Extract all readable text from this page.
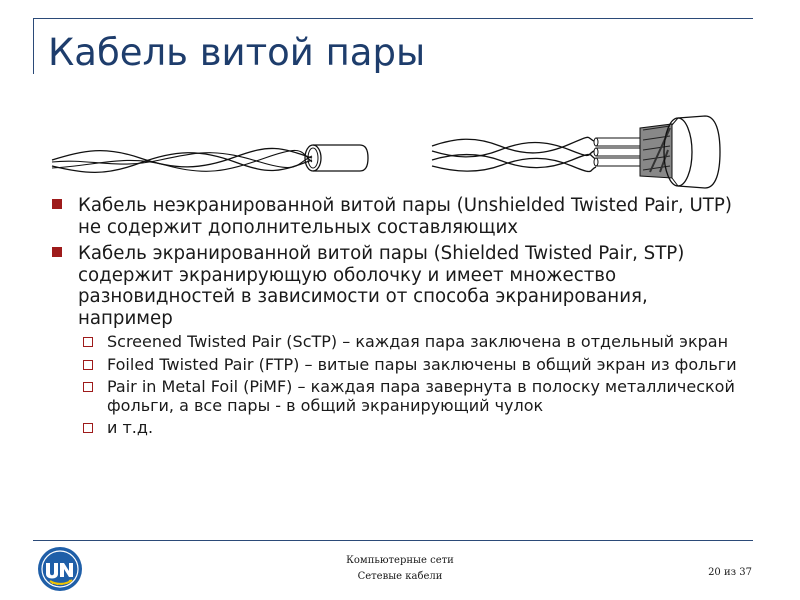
Кабель витой пары
Кабель неэкранированной витой пары (Unshielded Twisted Pair, UTP) не содержит дополнительных составляющих
Кабель экранированной витой пары (Shielded Twisted Pair, STP) содержит экранирующую оболочку и имеет множество разновидностей в зависимости от способа экранирования, например
Screened Twisted Pair (ScTP) – каждая пара заключена в отдельный экран
Foiled Twisted Pair (FTP) – витые пары заключены в общий экран из фольги
Pair in Metal Foil (PiMF) – каждая пара завернута в полоску металлической фольги, а все пары - в общий экранирующий чулок
и т.д.
Компьютерные сети
Сетевые кабели	20 из 37
